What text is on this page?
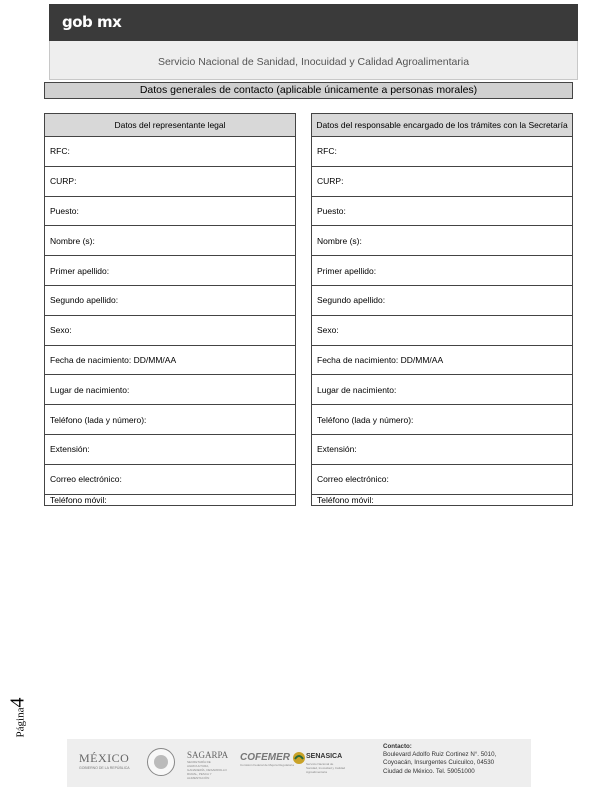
gob mx
Servicio Nacional de Sanidad, Inocuidad y Calidad Agroalimentaria
Datos generales de contacto (aplicable únicamente a personas morales)
Datos del representante legal
RFC:
CURP:
Puesto:
Nombre (s):
Primer apellido:
Segundo apellido:
Sexo:
Fecha de nacimiento: DD/MM/AA
Lugar de nacimiento:
Teléfono (lada y número):
Extensión:
Correo electrónico:
Teléfono móvil:
Datos del responsable encargado de los trámites con la Secretaría
RFC:
CURP:
Puesto:
Nombre (s):
Primer apellido:
Segundo apellido:
Sexo:
Fecha de nacimiento: DD/MM/AA
Lugar de nacimiento:
Teléfono (lada y número):
Extensión:
Correo electrónico:
Teléfono móvil:
Página4
MÉXICO
GOBIERNO DE LA REPÚBLICA
SAGARPA
SECRETARÍA DE AGRICULTURA, GANADERÍA, DESARROLLO RURAL, PESCA Y ALIMENTACIÓN
COFEMER
Comisión Federal de Mejora Regulatoria
SENASICA
Servicio Nacional de Sanidad, Inocuidad y Calidad Agroalimentaria
Contacto:
Boulevard Adolfo Ruiz Cortinez N°. 5010,
Coyoacán, Insurgentes Cuicuilco, 04530
Ciudad de México. Tel. 59051000
